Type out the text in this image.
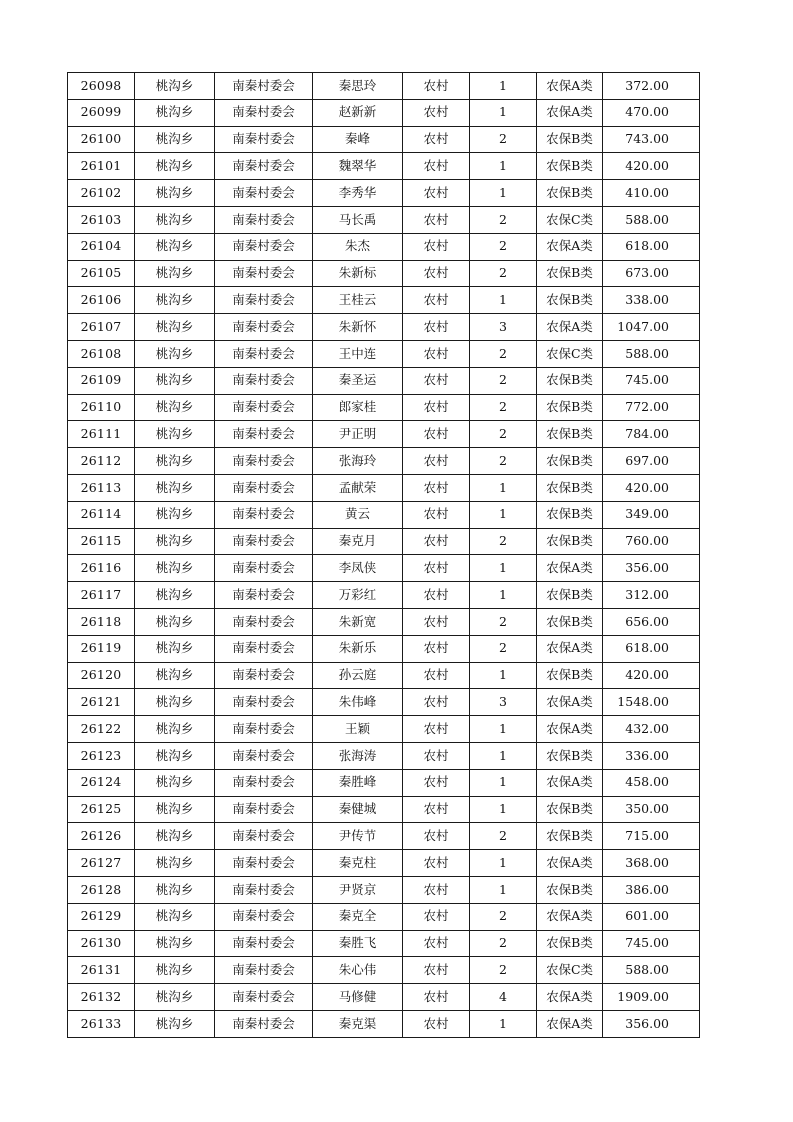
26098	桃沟乡	南秦村委会	秦思玲	农村	1	农保A类	372.00
26099	桃沟乡	南秦村委会	赵新新	农村	1	农保A类	470.00
26100	桃沟乡	南秦村委会	秦峰	农村	2	农保B类	743.00
26101	桃沟乡	南秦村委会	魏翠华	农村	1	农保B类	420.00
26102	桃沟乡	南秦村委会	李秀华	农村	1	农保B类	410.00
26103	桃沟乡	南秦村委会	马长禹	农村	2	农保C类	588.00
26104	桃沟乡	南秦村委会	朱杰	农村	2	农保A类	618.00
26105	桃沟乡	南秦村委会	朱新标	农村	2	农保B类	673.00
26106	桃沟乡	南秦村委会	王桂云	农村	1	农保B类	338.00
26107	桃沟乡	南秦村委会	朱新怀	农村	3	农保A类	1047.00
26108	桃沟乡	南秦村委会	王中连	农村	2	农保C类	588.00
26109	桃沟乡	南秦村委会	秦圣运	农村	2	农保B类	745.00
26110	桃沟乡	南秦村委会	郎家桂	农村	2	农保B类	772.00
26111	桃沟乡	南秦村委会	尹正明	农村	2	农保B类	784.00
26112	桃沟乡	南秦村委会	张海玲	农村	2	农保B类	697.00
26113	桃沟乡	南秦村委会	孟献荣	农村	1	农保B类	420.00
26114	桃沟乡	南秦村委会	黄云	农村	1	农保B类	349.00
26115	桃沟乡	南秦村委会	秦克月	农村	2	农保B类	760.00
26116	桃沟乡	南秦村委会	李凤侠	农村	1	农保A类	356.00
26117	桃沟乡	南秦村委会	万彩红	农村	1	农保B类	312.00
26118	桃沟乡	南秦村委会	朱新宽	农村	2	农保B类	656.00
26119	桃沟乡	南秦村委会	朱新乐	农村	2	农保A类	618.00
26120	桃沟乡	南秦村委会	孙云庭	农村	1	农保B类	420.00
26121	桃沟乡	南秦村委会	朱伟峰	农村	3	农保A类	1548.00
26122	桃沟乡	南秦村委会	王颖	农村	1	农保A类	432.00
26123	桃沟乡	南秦村委会	张海涛	农村	1	农保B类	336.00
26124	桃沟乡	南秦村委会	秦胜峰	农村	1	农保A类	458.00
26125	桃沟乡	南秦村委会	秦健城	农村	1	农保B类	350.00
26126	桃沟乡	南秦村委会	尹传节	农村	2	农保B类	715.00
26127	桃沟乡	南秦村委会	秦克柱	农村	1	农保A类	368.00
26128	桃沟乡	南秦村委会	尹贤京	农村	1	农保B类	386.00
26129	桃沟乡	南秦村委会	秦克全	农村	2	农保A类	601.00
26130	桃沟乡	南秦村委会	秦胜飞	农村	2	农保B类	745.00
26131	桃沟乡	南秦村委会	朱心伟	农村	2	农保C类	588.00
26132	桃沟乡	南秦村委会	马修健	农村	4	农保A类	1909.00
26133	桃沟乡	南秦村委会	秦克渠	农村	1	农保A类	356.00
